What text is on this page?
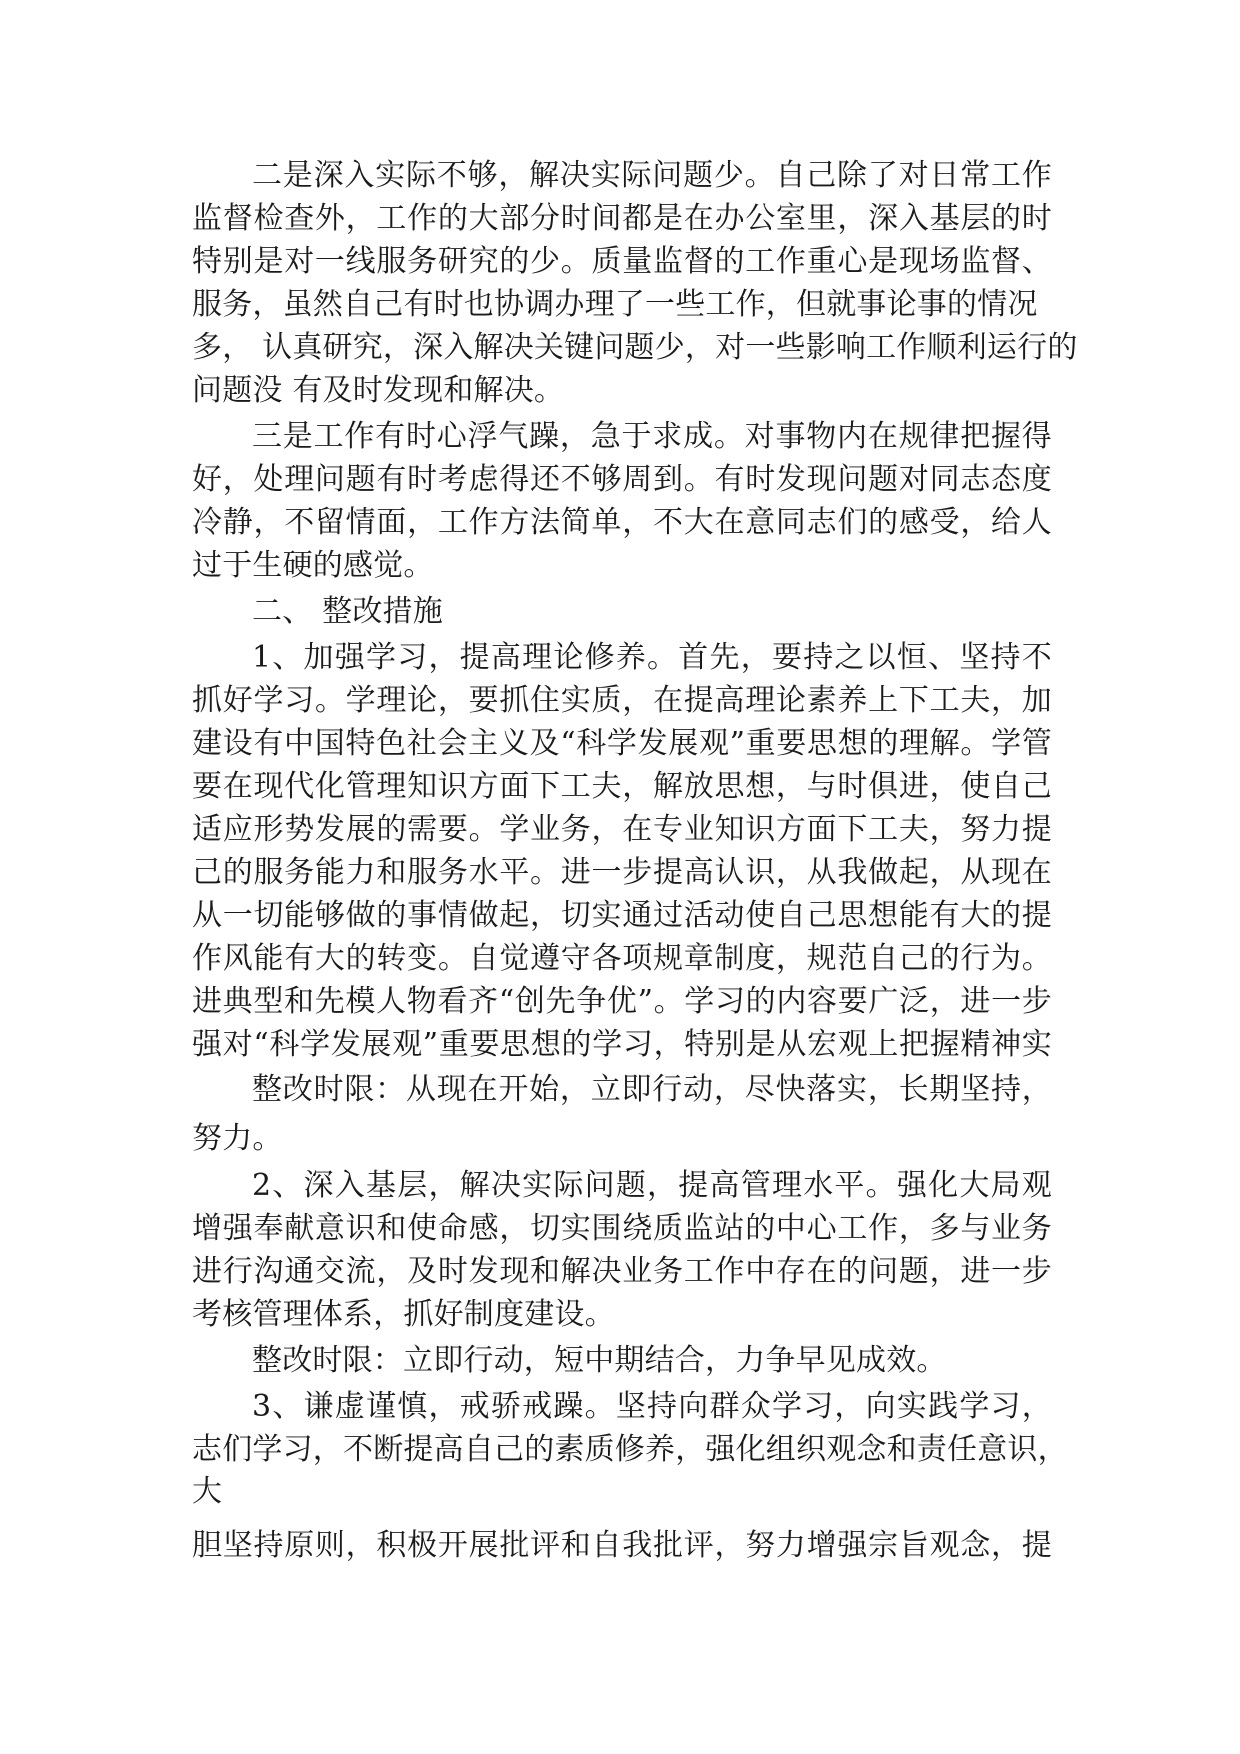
二是深入实际不够，解决实际问题少。自己除了对日常工作

监督检查外，工作的大部分时间都是在办公室里，深入基层的时

特别是对一线服务研究的少。质量监督的工作重心是现场监督、

服务，虽然自己有时也协调办理了一些工作，但就事论事的情况

多， 认真研究，深入解决关键问题少，对一些影响工作顺利运行的

问题没 有及时发现和解决。

三是工作有时心浮气躁，急于求成。对事物内在规律把握得

好，处理问题有时考虑得还不够周到。有时发现问题对同志态度

冷静，不留情面，工作方法简单，不大在意同志们的感受，给人

过于生硬的感觉。

二、 整改措施

1、加强学习，提高理论修养。首先，要持之以恒、坚持不

抓好学习。学理论，要抓住实质，在提高理论素养上下工夫，加

建设有中国特色社会主义及“科学发展观”重要思想的理解。学管

要在现代化管理知识方面下工夫，解放思想，与时俱进，使自己

适应形势发展的需要。学业务，在专业知识方面下工夫，努力提

己的服务能力和服务水平。进一步提高认识，从我做起，从现在

从一切能够做的事情做起，切实通过活动使自己思想能有大的提

作风能有大的转变。自觉遵守各项规章制度，规范自己的行为。

进典型和先模人物看齐“创先争优”。学习的内容要广泛，进一步

强对“科学发展观”重要思想的学习，特别是从宏观上把握精神实

整改时限：从现在开始，立即行动，尽快落实，长期坚持，

努力。

2、深入基层，解决实际问题，提高管理水平。强化大局观

增强奉献意识和使命感，切实围绕质监站的中心工作，多与业务

进行沟通交流，及时发现和解决业务工作中存在的问题，进一步

考核管理体系，抓好制度建设。

整改时限：立即行动，短中期结合，力争早见成效。

3、谦虚谨慎，戒骄戒躁。坚持向群众学习，向实践学习，

志们学习，不断提高自己的素质修养，强化组织观念和责任意识，

大

胆坚持原则，积极开展批评和自我批评，努力增强宗旨观念，提
